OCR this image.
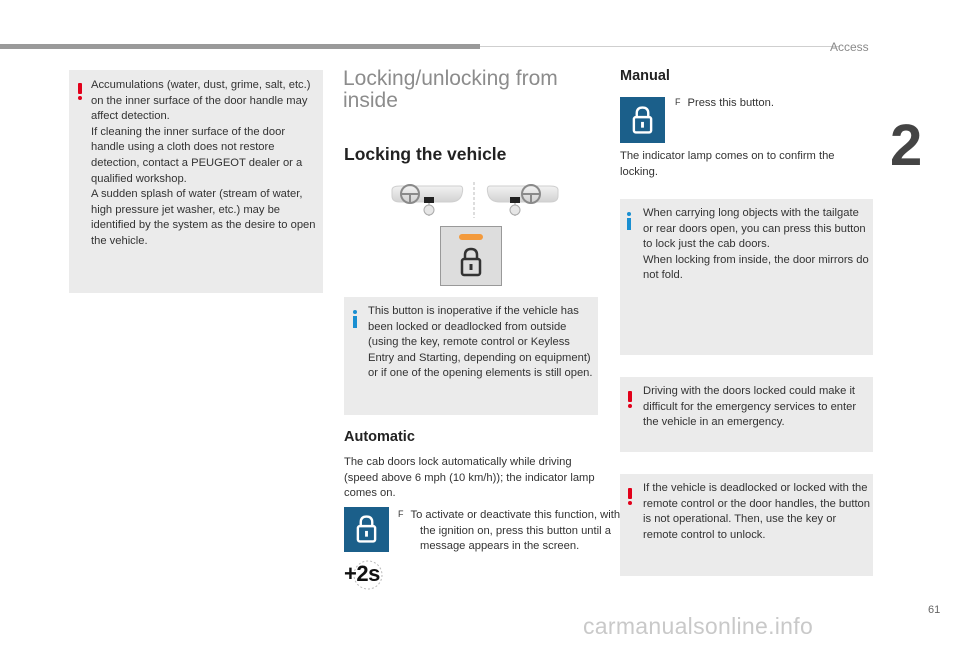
Access
2
61
carmanualsonline.info
Accumulations (water, dust, grime, salt, etc.) on the inner surface of the door handle may affect detection.
If cleaning the inner surface of the door handle using a cloth does not restore detection, contact a PEUGEOT dealer or a qualified workshop.
A sudden splash of water (stream of water, high pressure jet washer, etc.) may be identified by the system as the desire to open the vehicle.
Locking/unlocking from inside
Locking the vehicle
This button is inoperative if the vehicle has been locked or deadlocked from outside (using the key, remote control or Keyless Entry and Starting, depending on equipment) or if one of the opening elements is still open.
Automatic
The cab doors lock automatically while driving (speed above 6 mph (10 km/h)); the indicator lamp comes on.
+2s
F To activate or deactivate this function, with the ignition on, press this button until a message appears in the screen.
Manual
F Press this button.
The indicator lamp comes on to confirm the locking.
When carrying long objects with the tailgate or rear doors open, you can press this button to lock just the cab doors.
When locking from inside, the door mirrors do not fold.
Driving with the doors locked could make it difficult for the emergency services to enter the vehicle in an emergency.
If the vehicle is deadlocked or locked with the remote control or the door handles, the button is not operational. Then, use the key or remote control to unlock.
